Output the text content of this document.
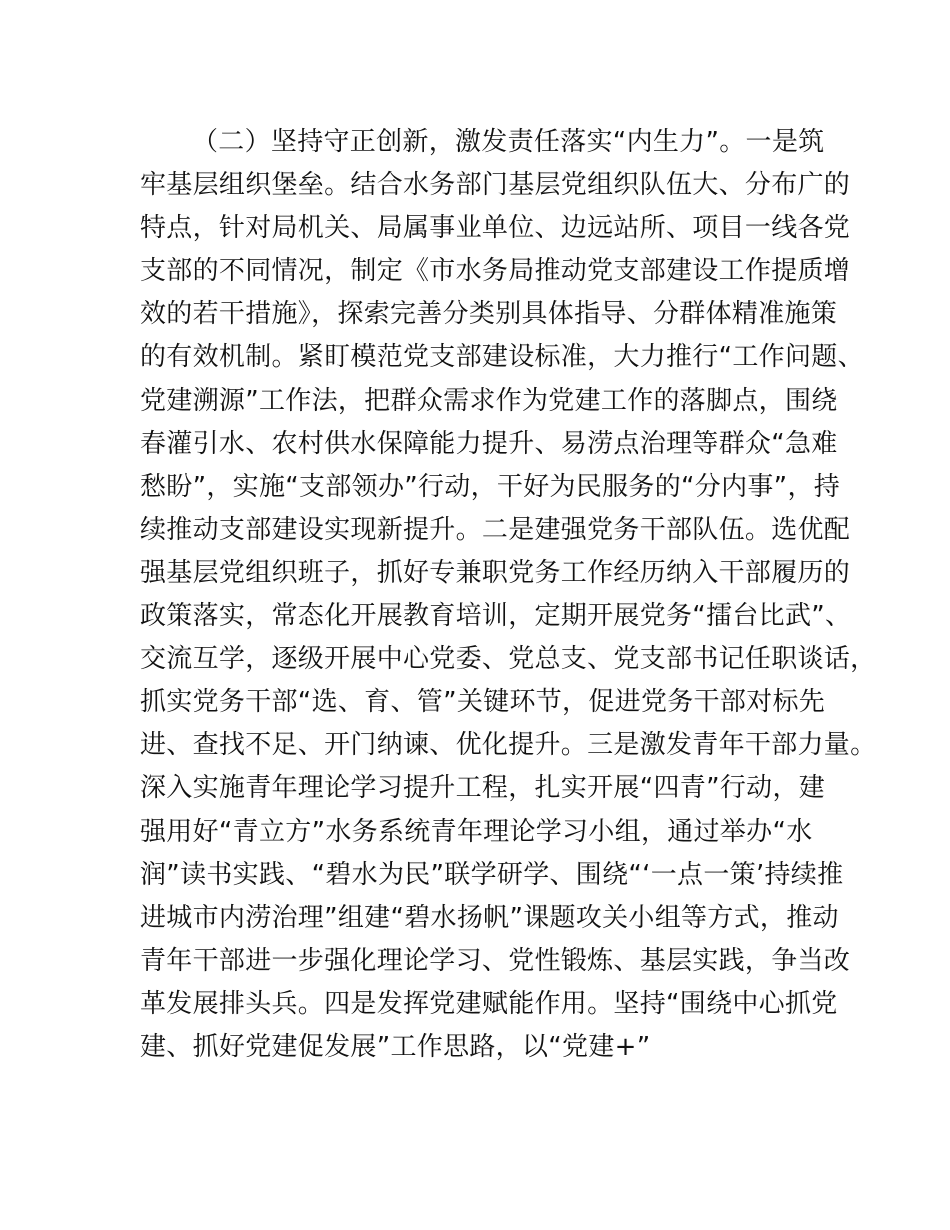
（二）坚持守正创新，激发责任落实“内生力”。一是筑
牢基层组织堡垒。结合水务部门基层党组织队伍大、分布广的
特点，针对局机关、局属事业单位、边远站所、项目一线各党
支部的不同情况，制定《市水务局推动党支部建设工作提质增
效的若干措施》，探索完善分类别具体指导、分群体精准施策
的有效机制。紧盯模范党支部建设标准，大力推行“工作问题、
党建溯源”工作法，把群众需求作为党建工作的落脚点，围绕
春灌引水、农村供水保障能力提升、易涝点治理等群众“急难
愁盼”，实施“支部领办”行动，干好为民服务的“分内事”，持
续推动支部建设实现新提升。二是建强党务干部队伍。选优配
强基层党组织班子，抓好专兼职党务工作经历纳入干部履历的
政策落实，常态化开展教育培训，定期开展党务“擂台比武”、
交流互学，逐级开展中心党委、党总支、党支部书记任职谈话，
抓实党务干部“选、育、管”关键环节，促进党务干部对标先
进、查找不足、开门纳谏、优化提升。三是激发青年干部力量。
深入实施青年理论学习提升工程，扎实开展“四青”行动，建
强用好“青立方”水务系统青年理论学习小组，通过举办“水
润”读书实践、“碧水为民”联学研学、围绕“‘一点一策’持续推
进城市内涝治理”组建“碧水扬帆”课题攻关小组等方式，推动
青年干部进一步强化理论学习、党性锻炼、基层实践，争当改
革发展排头兵。四是发挥党建赋能作用。坚持“围绕中心抓党
建、抓好党建促发展”工作思路，以“党建+”
